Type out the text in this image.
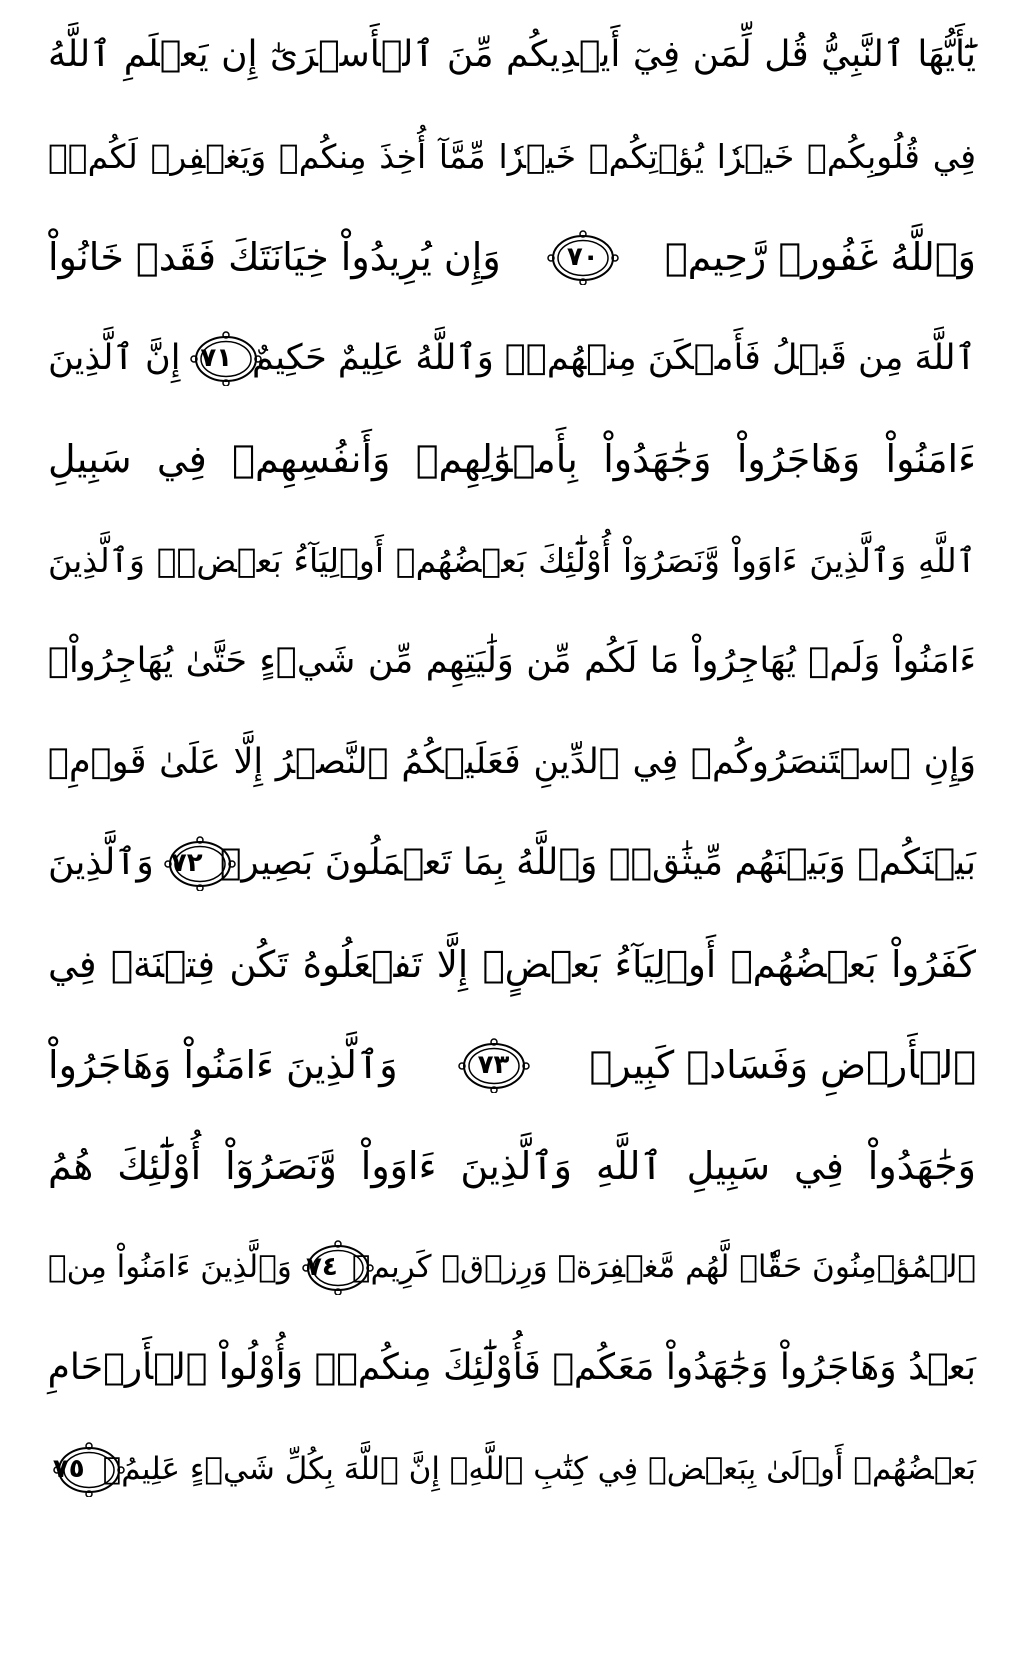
يَٰٓأَيُّهَا ٱلنَّبِيُّ قُل لِّمَن فِيٓ أَيۡدِيكُم مِّنَ ٱلۡأَسۡرَىٰٓ إِن يَعۡلَمِ ٱللَّهُ
فِي قُلُوبِكُمۡ خَيۡرٗا يُؤۡتِكُمۡ خَيۡرٗا مِّمَّآ أُخِذَ مِنكُمۡ وَيَغۡفِرۡ لَكُمۡۚ
وَٱللَّهُ غَفُورٞ رَّحِيمٞ
٧٠
وَإِن يُرِيدُواْ خِيَانَتَكَ فَقَدۡ خَانُواْ
ٱللَّهَ مِن قَبۡلُ فَأَمۡكَنَ مِنۡهُمۡۗ وَٱللَّهُ عَلِيمٌ حَكِيمٌ
٧١
إِنَّ ٱلَّذِينَ
ءَامَنُواْ وَهَاجَرُواْ وَجَٰهَدُواْ بِأَمۡوَٰلِهِمۡ وَأَنفُسِهِمۡ فِي سَبِيلِ
ٱللَّهِ وَٱلَّذِينَ ءَاوَواْ وَّنَصَرُوٓاْ أُوْلَٰٓئِكَ بَعۡضُهُمۡ أَوۡلِيَآءُ بَعۡضٖۚ وَٱلَّذِينَ
ءَامَنُواْ وَلَمۡ يُهَاجِرُواْ مَا لَكُم مِّن وَلَٰيَتِهِم مِّن شَيۡءٍ حَتَّىٰ يُهَاجِرُواْۚ
وَإِنِ ٱسۡتَنصَرُوكُمۡ فِي ٱلدِّينِ فَعَلَيۡكُمُ ٱلنَّصۡرُ إِلَّا عَلَىٰ قَوۡمِۭ
بَيۡنَكُمۡ وَبَيۡنَهُم مِّيثَٰقٞۗ وَٱللَّهُ بِمَا تَعۡمَلُونَ بَصِيرٞ
٧٢
وَٱلَّذِينَ
كَفَرُواْ بَعۡضُهُمۡ أَوۡلِيَآءُ بَعۡضٍۚ إِلَّا تَفۡعَلُوهُ تَكُن فِتۡنَةٞ فِي
ٱلۡأَرۡضِ وَفَسَادٞ كَبِيرٞ
٧٣
وَٱلَّذِينَ ءَامَنُواْ وَهَاجَرُواْ
وَجَٰهَدُواْ فِي سَبِيلِ ٱللَّهِ وَٱلَّذِينَ ءَاوَواْ وَّنَصَرُوٓاْ أُوْلَٰٓئِكَ هُمُ
ٱلۡمُؤۡمِنُونَ حَقّٗاۚ لَّهُم مَّغۡفِرَةٞ وَرِزۡقٞ كَرِيمٞ
٧٤
وَٱلَّذِينَ ءَامَنُواْ مِنۢ
بَعۡدُ وَهَاجَرُواْ وَجَٰهَدُواْ مَعَكُمۡ فَأُوْلَٰٓئِكَ مِنكُمۡۚ وَأُوْلُواْ ٱلۡأَرۡحَامِ
بَعۡضُهُمۡ أَوۡلَىٰ بِبَعۡضٖ فِي كِتَٰبِ ٱللَّهِۚ إِنَّ ٱللَّهَ بِكُلِّ شَيۡءٍ عَلِيمُۢ
٧٥
